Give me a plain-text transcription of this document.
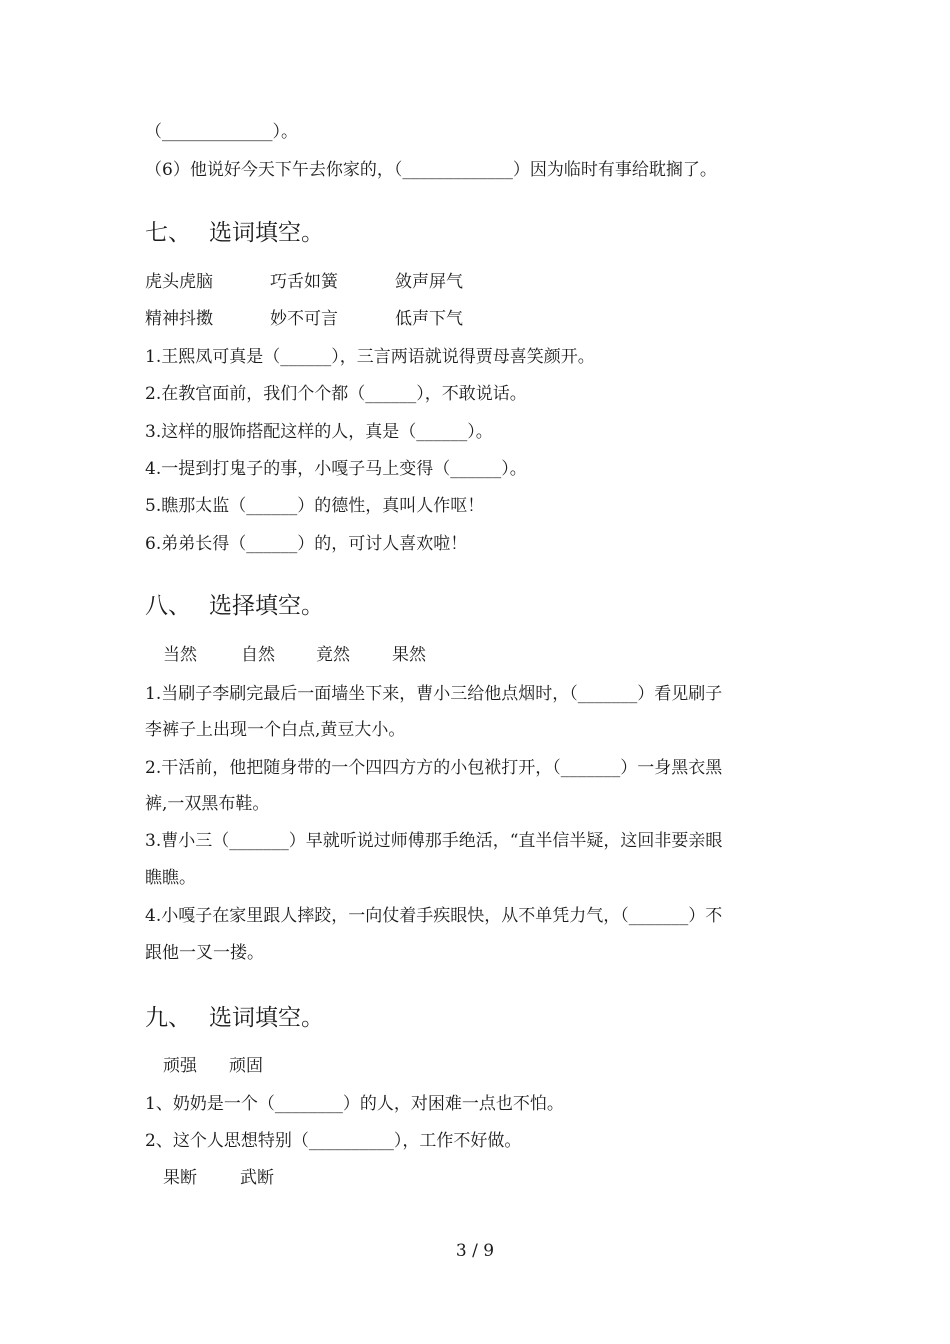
（_____________）。
（6）他说好今天下午去你家的，（_____________）因为临时有事给耽搁了。
七、 选词填空。
虎头虎脑	巧舌如簧	敛声屏气
精神抖擞	妙不可言	低声下气
1.王熙凤可真是（______），三言两语就说得贾母喜笑颜开。
2.在教官面前，我们个个都（______），不敢说话。
3.这样的服饰搭配这样的人，真是（______）。
4.一提到打鬼子的事，小嘎子马上变得（______）。
5.瞧那太监（______）的德性，真叫人作呕！
6.弟弟长得（______）的，可讨人喜欢啦！
八、 选择填空。
当然	自然 竟然 果然
1.当刷子李刷完最后一面墙坐下来，曹小三给他点烟时，（_______）看见刷子
李裤子上出现一个白点,黄豆大小。
2.干活前，他把随身带的一个四四方方的小包袱打开，（_______）一身黑衣黑
裤,一双黑布鞋。
3.曹小三（_______）早就听说过师傅那手绝活，“直半信半疑，这回非要亲眼
瞧瞧。
4.小嘎子在家里跟人摔跤，一向仗着手疾眼快，从不单凭力气，（_______）不
跟他一叉一搂。
九、 选词填空。
顽强 顽固
1、奶奶是一个（________）的人，对困难一点也不怕。
2、这个人思想特别（__________），工作不好做。
果断	武断
3 / 9
